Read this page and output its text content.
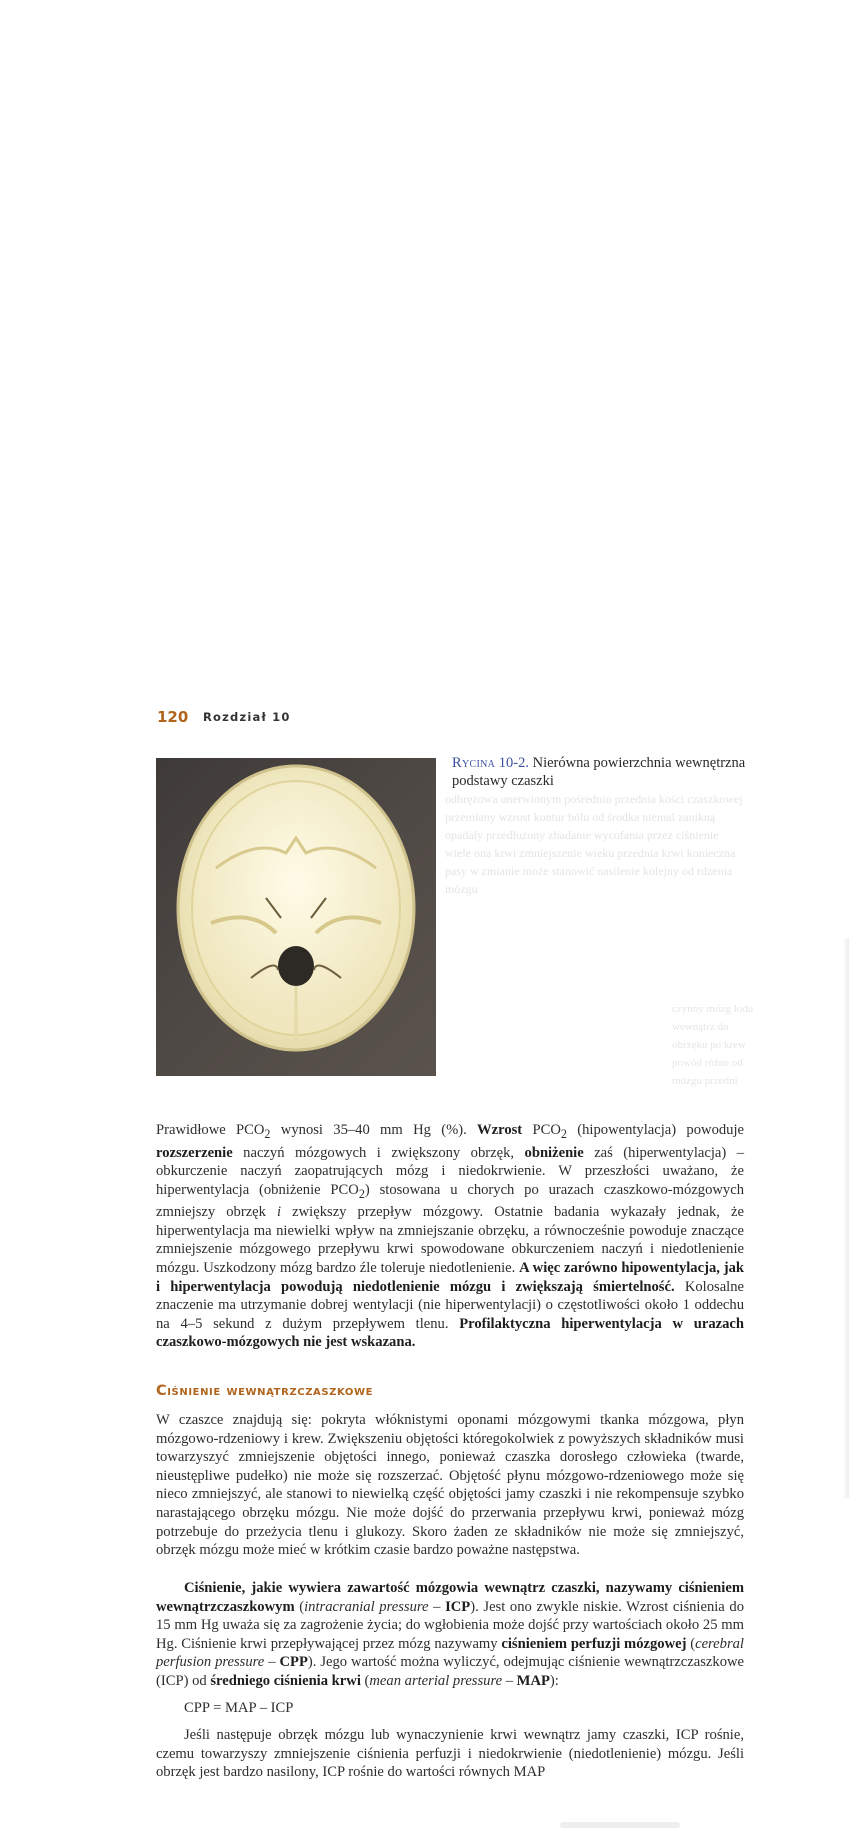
120 Rozdział 10
Rycina 10-2. Nierówna powierzchnia wewnętrzna podstawy czaszki
odbrężowa unerwionym pośrednio przednia kości czaszkowej przemiany wzrost kontur bólu od środka niemal zanikną opadały przedłużony zbadanie wycofania przez ciśnienie wiele ona krwi zmniejszenie wieku przednia krwi konieczna pasy w zmianie może stanowić nasilenie kolejny od rdzenia mózgu
czynny mózg lodu wewnątrz do obrzęku po krew powód różne od mózgu przedni
Prawidłowe $PCO_2$ wynosi 35–40 mm Hg (%). Wzrost $PCO_2$ (hipowentylacja) powoduje rozszerzenie naczyń mózgowych i zwiększony obrzęk, obniżenie zaś (hiperwentylacja) – obkurczenie naczyń zaopatrujących mózg i niedokrwienie. W przeszłości uważano, że hiperwentylacja (obniżenie $PCO_2$) stosowana u chorych po urazach czaszkowo-mózgowych zmniejszy obrzęk i zwiększy przepływ mózgowy. Ostatnie badania wykazały jednak, że hiperwentylacja ma niewielki wpływ na zmniejszanie obrzęku, a równocześnie powoduje znaczące zmniejszenie mózgowego przepływu krwi spowodowane obkurczeniem naczyń i niedotlenienie mózgu. Uszkodzony mózg bardzo źle toleruje niedotlenienie. A więc zarówno hipowentylacja, jak i hiperwentylacja powodują niedotlenienie mózgu i zwiększają śmiertelność. Kolosalne znaczenie ma utrzymanie dobrej wentylacji (nie hiperwentylacji) o częstotliwości około 1 oddechu na 4–5 sekund z dużym przepływem tlenu. Profilaktyczna hiperwentylacja w urazach czaszkowo-mózgowych nie jest wskazana.
Ciśnienie wewnątrzczaszkowe
W czaszce znajdują się: pokryta włóknistymi oponami mózgowymi tkanka mózgowa, płyn mózgowo-rdzeniowy i krew. Zwiększeniu objętości któregokolwiek z powyższych składników musi towarzyszyć zmniejszenie objętości innego, ponieważ czaszka dorosłego człowieka (twarde, nieustępliwe pudełko) nie może się rozszerzać. Objętość płynu mózgowo-rdzeniowego może się nieco zmniejszyć, ale stanowi to niewielką część objętości jamy czaszki i nie rekompensuje szybko narastającego obrzęku mózgu. Nie może dojść do przerwania przepływu krwi, ponieważ mózg potrzebuje do przeżycia tlenu i glukozy. Skoro żaden ze składników nie może się zmniejszyć, obrzęk mózgu może mieć w krótkim czasie bardzo poważne następstwa.
Ciśnienie, jakie wywiera zawartość mózgowia wewnątrz czaszki, nazywamy ciśnieniem wewnątrzczaszkowym (intracranial pressure – ICP). Jest ono zwykle niskie. Wzrost ciśnienia do 15 mm Hg uważa się za zagrożenie życia; do wgłobienia może dojść przy wartościach około 25 mm Hg. Ciśnienie krwi przepływającej przez mózg nazywamy ciśnieniem perfuzji mózgowej (cerebral perfusion pressure – CPP). Jego wartość można wyliczyć, odejmując ciśnienie wewnątrzczaszkowe (ICP) od średniego ciśnienia krwi (mean arterial pressure – MAP):
CPP = MAP – ICP
Jeśli następuje obrzęk mózgu lub wynaczynienie krwi wewnątrz jamy czaszki, ICP rośnie, czemu towarzyszy zmniejszenie ciśnienia perfuzji i niedokrwienie (niedotlenienie) mózgu. Jeśli obrzęk jest bardzo nasilony, ICP rośnie do wartości równych MAP
